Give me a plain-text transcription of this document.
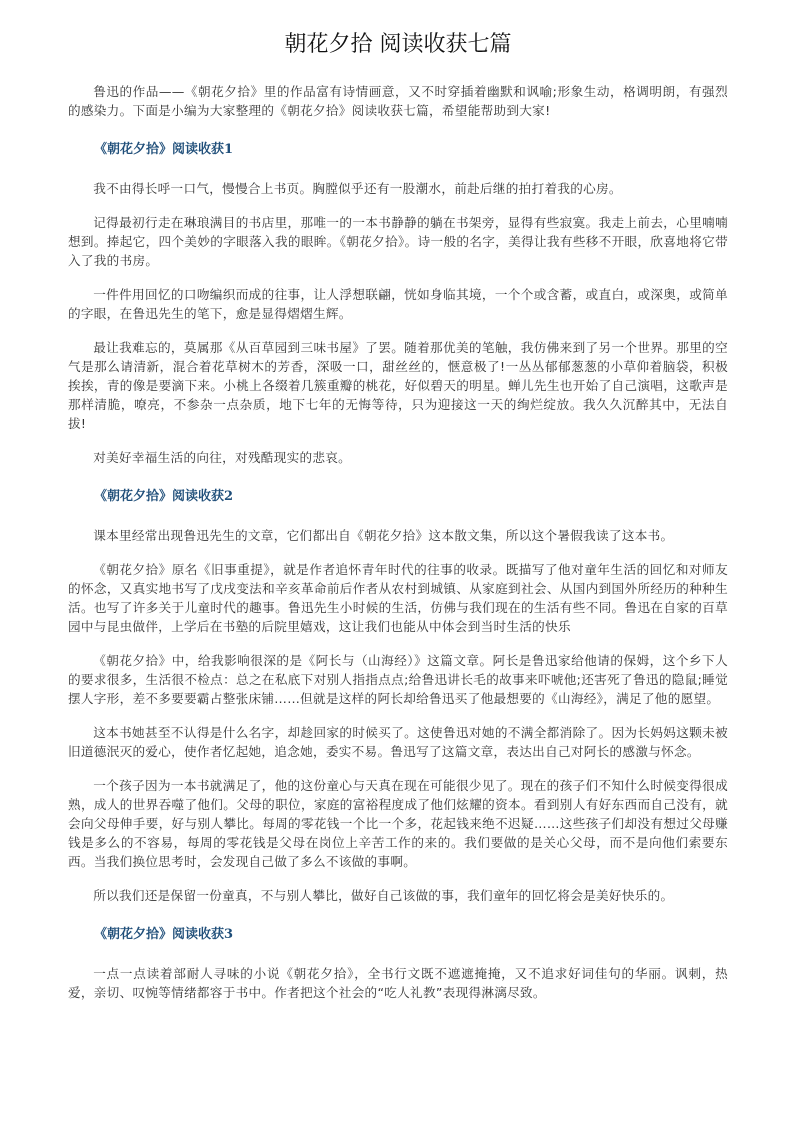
朝花夕拾 阅读收获七篇

鲁迅的作品——《朝花夕拾》里的作品富有诗情画意，又不时穿插着幽默和讽喻;形象生动，格调明朗，有强烈的感染力。下面是小编为大家整理的《朝花夕拾》阅读收获七篇，希望能帮助到大家!

《朝花夕拾》阅读收获1

我不由得长呼一口气，慢慢合上书页。胸膛似乎还有一股潮水，前赴后继的拍打着我的心房。

记得最初行走在琳琅满目的书店里，那唯一的一本书静静的躺在书架旁，显得有些寂寞。我走上前去，心里喃喃想到。捧起它，四个美妙的字眼落入我的眼眸。《朝花夕拾》。诗一般的名字，美得让我有些移不开眼，欣喜地将它带入了我的书房。

一件件用回忆的口吻编织而成的往事，让人浮想联翩，恍如身临其境，一个个或含蓄，或直白，或深奥，或简单的字眼，在鲁迅先生的笔下，愈是显得熠熠生辉。

最让我难忘的，莫属那《从百草园到三味书屋》了罢。随着那优美的笔触，我仿佛来到了另一个世界。那里的空气是那么请清新，混合着花草树木的芳香，深吸一口，甜丝丝的，惬意极了!一丛丛郁郁葱葱的小草仰着脑袋，积极挨挨，青的像是要滴下来。小桃上各缀着几簇重瓣的桃花，好似碧天的明星。蝉儿先生也开始了自己演唱，这歌声是那样清脆，嘹亮，不参杂一点杂质，地下七年的无悔等待，只为迎接这一天的绚烂绽放。我久久沉醉其中，无法自拔!

对美好幸福生活的向往，对残酷现实的悲哀。

《朝花夕拾》阅读收获2

课本里经常出现鲁迅先生的文章，它们都出自《朝花夕拾》这本散文集，所以这个暑假我读了这本书。

《朝花夕拾》原名《旧事重提》，就是作者追怀青年时代的往事的收录。既描写了他对童年生活的回忆和对师友的怀念，又真实地书写了戊戌变法和辛亥革命前后作者从农村到城镇、从家庭到社会、从国内到国外所经历的种种生活。也写了许多关于儿童时代的趣事。鲁迅先生小时候的生活，仿佛与我们现在的生活有些不同。鲁迅在自家的百草园中与昆虫做伴，上学后在书塾的后院里嬉戏，这让我们也能从中体会到当时生活的快乐

《朝花夕拾》中，给我影响很深的是《阿长与（山海经）》这篇文章。阿长是鲁迅家给他请的保姆，这个乡下人的要求很多，生活很不检点：总之在私底下对别人指指点点;给鲁迅讲长毛的故事来吓唬他;还害死了鲁迅的隐鼠;睡觉摆人字形，差不多要要霸占整张床铺……但就是这样的阿长却给鲁迅买了他最想要的《山海经》，满足了他的愿望。

这本书她甚至不认得是什么名字，却趁回家的时候买了。这使鲁迅对她的不满全都消除了。因为长妈妈这颗未被旧道德泯灭的爱心，使作者忆起她，追念她，委实不易。鲁迅写了这篇文章，表达出自己对阿长的感激与怀念。

一个孩子因为一本书就满足了，他的这份童心与天真在现在可能很少见了。现在的孩子们不知什么时候变得很成熟，成人的世界吞噬了他们。父母的职位，家庭的富裕程度成了他们炫耀的资本。看到别人有好东西而自己没有，就会向父母伸手要，好与别人攀比。每周的零花钱一个比一个多，花起钱来绝不迟疑……这些孩子们却没有想过父母赚钱是多么的不容易，每周的零花钱是父母在岗位上辛苦工作的来的。我们要做的是关心父母，而不是向他们索要东西。当我们换位思考时，会发现自己做了多么不该做的事啊。

所以我们还是保留一份童真，不与别人攀比，做好自己该做的事，我们童年的回忆将会是美好快乐的。

《朝花夕拾》阅读收获3

一点一点读着部耐人寻味的小说《朝花夕拾》，全书行文既不遮遮掩掩，又不追求好词佳句的华丽。讽刺，热爱，亲切、叹惋等情绪都容于书中。作者把这个社会的“吃人礼教”表现得淋漓尽致。
